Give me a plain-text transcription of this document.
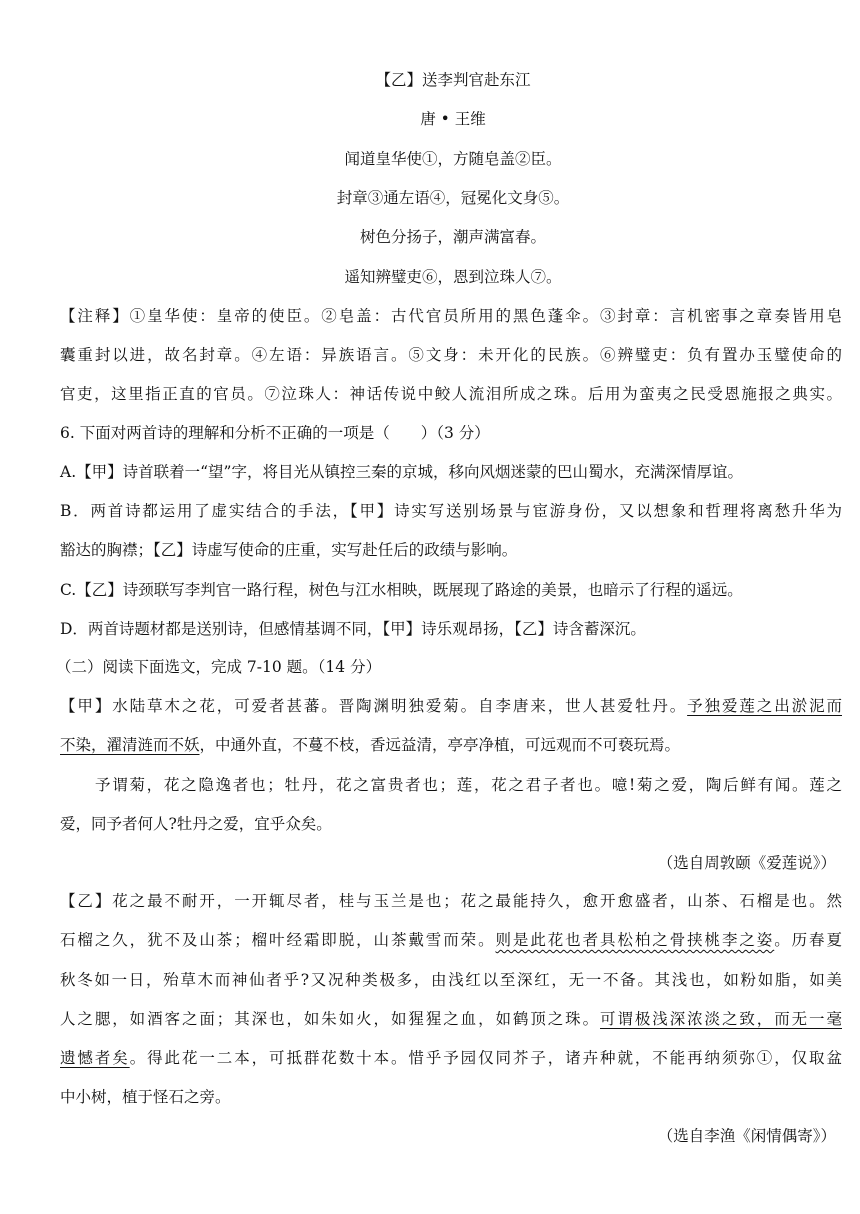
【乙】送李判官赴东江
唐 • 王维
闻道皇华使①，方随皂盖②臣。
封章③通左语④，冠冕化文身⑤。
树色分扬子，潮声满富春。
遥知辨璧吏⑥，恩到泣珠人⑦。
【注释】①皇华使：皇帝的使臣。②皂盖：古代官员所用的黑色蓬伞。③封章：言机密事之章奏皆用皂
囊重封以进，故名封章。④左语：异族语言。⑤文身：未开化的民族。⑥辨璧吏：负有置办玉璧使命的
官吏，这里指正直的官员。⑦泣珠人：神话传说中鲛人流泪所成之珠。后用为蛮夷之民受恩施报之典实。
6. 下面对两首诗的理解和分析不正确的一项是（　　）（3 分）
A.【甲】诗首联着一“望”字，将目光从镇控三秦的京城，移向风烟迷蒙的巴山蜀水，充满深情厚谊。
B．两首诗都运用了虚实结合的手法，【甲】诗实写送别场景与宦游身份，又以想象和哲理将离愁升华为
豁达的胸襟；【乙】诗虚写使命的庄重，实写赴任后的政绩与影响。
C.【乙】诗颈联写李判官一路行程，树色与江水相映，既展现了路途的美景，也暗示了行程的遥远。
D．两首诗题材都是送别诗，但感情基调不同，【甲】诗乐观昂扬，【乙】诗含蓄深沉。
（二）阅读下面选文，完成 7-10 题。（14 分）
【甲】水陆草木之花，可爱者甚蕃。晋陶渊明独爱菊。自李唐来，世人甚爱牡丹。予独爱莲之出淤泥而
不染，濯清涟而不妖，中通外直，不蔓不枝，香远益清，亭亭净植，可远观而不可亵玩焉。
予谓菊，花之隐逸者也；牡丹，花之富贵者也；莲，花之君子者也。噫!菊之爱，陶后鲜有闻。莲之
爱，同予者何人?牡丹之爱，宜乎众矣。
（选自周敦颐《爱莲说》）
【乙】花之最不耐开，一开辄尽者，桂与玉兰是也；花之最能持久，愈开愈盛者，山茶、石榴是也。然
石榴之久，犹不及山茶；榴叶经霜即脱，山茶戴雪而荣。则是此花也者具松柏之骨挟桃李之姿。历春夏
秋冬如一日，殆草木而神仙者乎?又况种类极多，由浅红以至深红，无一不备。其浅也，如粉如脂，如美
人之腮，如酒客之面；其深也，如朱如火，如猩猩之血，如鹤顶之珠。可谓极浅深浓淡之致，而无一毫
遗憾者矣。得此花一二本，可抵群花数十本。惜乎予园仅同芥子，诸卉种就，不能再纳须弥①，仅取盆
中小树，植于怪石之旁。
（选自李渔《闲情偶寄》）
